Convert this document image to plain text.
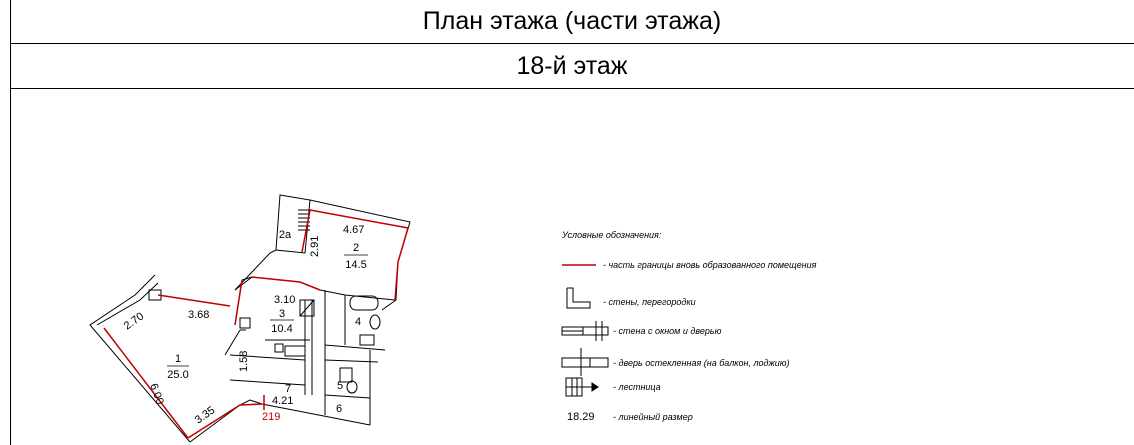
План этажа (части этажа)
18-й этаж
1
25.0
2
14.5
2а
3
10.4
4
5
6
7
2.70	3.68
6.00
3.35
4.67
2.91
3.10
1.58
4.21
219
Условные обозначения:
- часть границы вновь образованного помещения
- стены, перегородки
- стена с окном и дверью
- дверь остекленная (на балкон, лоджию)
- лестница
18.29 - линейный размер
